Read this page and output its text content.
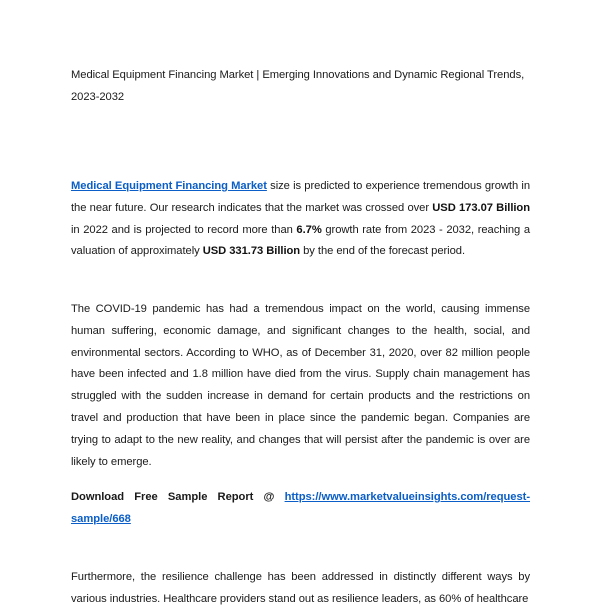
Medical Equipment Financing Market | Emerging Innovations and Dynamic Regional Trends, 2023-2032

Medical Equipment Financing Market size is predicted to experience tremendous growth in the near future. Our research indicates that the market was crossed over USD 173.07 Billion in 2022 and is projected to record more than 6.7% growth rate from 2023 - 2032, reaching a valuation of approximately USD 331.73 Billion by the end of the forecast period.

The COVID-19 pandemic has had a tremendous impact on the world, causing immense human suffering, economic damage, and significant changes to the health, social, and environmental sectors. According to WHO, as of December 31, 2020, over 82 million people have been infected and 1.8 million have died from the virus. Supply chain management has struggled with the sudden increase in demand for certain products and the restrictions on travel and production that have been in place since the pandemic began. Companies are trying to adapt to the new reality, and changes that will persist after the pandemic is over are likely to emerge.

Download Free Sample Report @ https://www.marketvalueinsights.com/request-sample/668

Furthermore, the resilience challenge has been addressed in distinctly different ways by various industries. Healthcare providers stand out as resilience leaders, as 60% of healthcare
